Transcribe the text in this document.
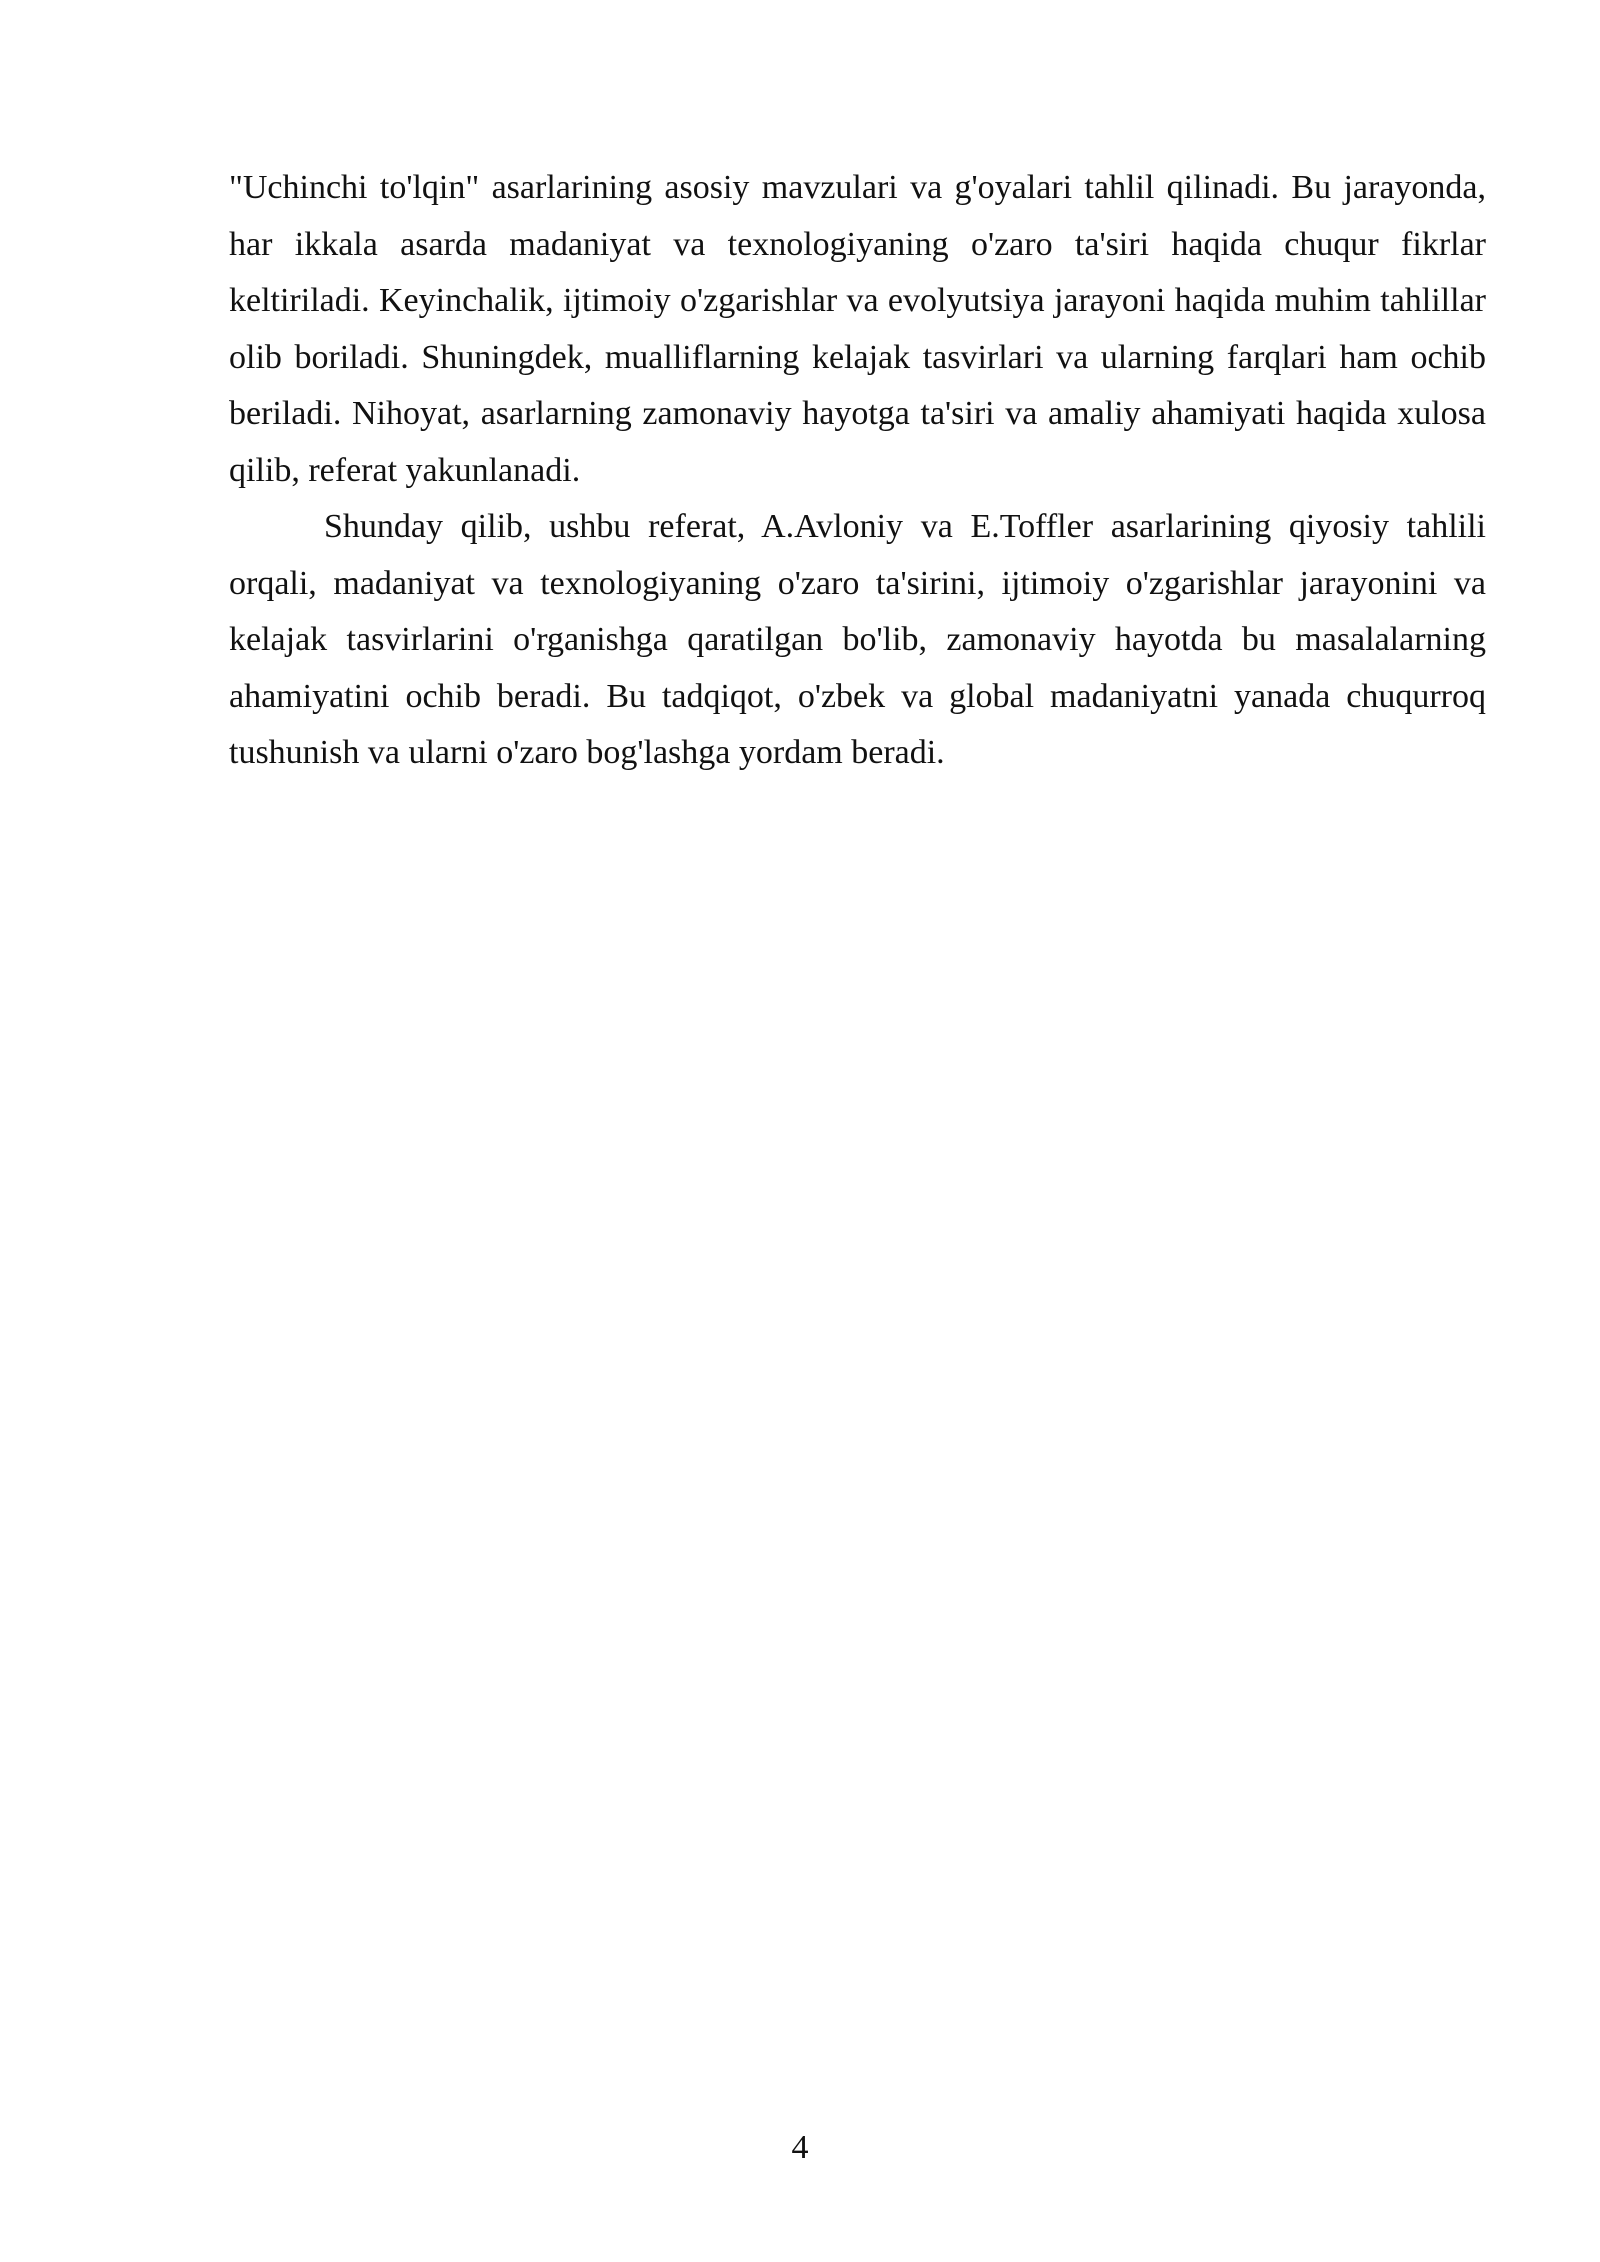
"Uchinchi to'lqin" asarlarining asosiy mavzulari va g'oyalari tahlil qilinadi. Bu jarayonda, har ikkala asarda madaniyat va texnologiyaning o'zaro ta'siri haqida chuqur fikrlar keltiriladi. Keyinchalik, ijtimoiy o'zgarishlar va evolyutsiya jarayoni haqida muhim tahlillar olib boriladi. Shuningdek, mualliflarning kelajak tasvirlari va ularning farqlari ham ochib beriladi. Nihoyat, asarlarning zamonaviy hayotga ta'siri va amaliy ahamiyati haqida xulosa qilib, referat yakunlanadi.

Shunday qilib, ushbu referat, A.Avloniy va E.Toffler asarlarining qiyosiy tahlili orqali, madaniyat va texnologiyaning o'zaro ta'sirini, ijtimoiy o'zgarishlar jarayonini va kelajak tasvirlarini o'rganishga qaratilgan bo'lib, zamonaviy hayotda bu masalalarning ahamiyatini ochib beradi. Bu tadqiqot, o'zbek va global madaniyatni yanada chuqurroq tushunish va ularni o'zaro bog'lashga yordam beradi.

4
